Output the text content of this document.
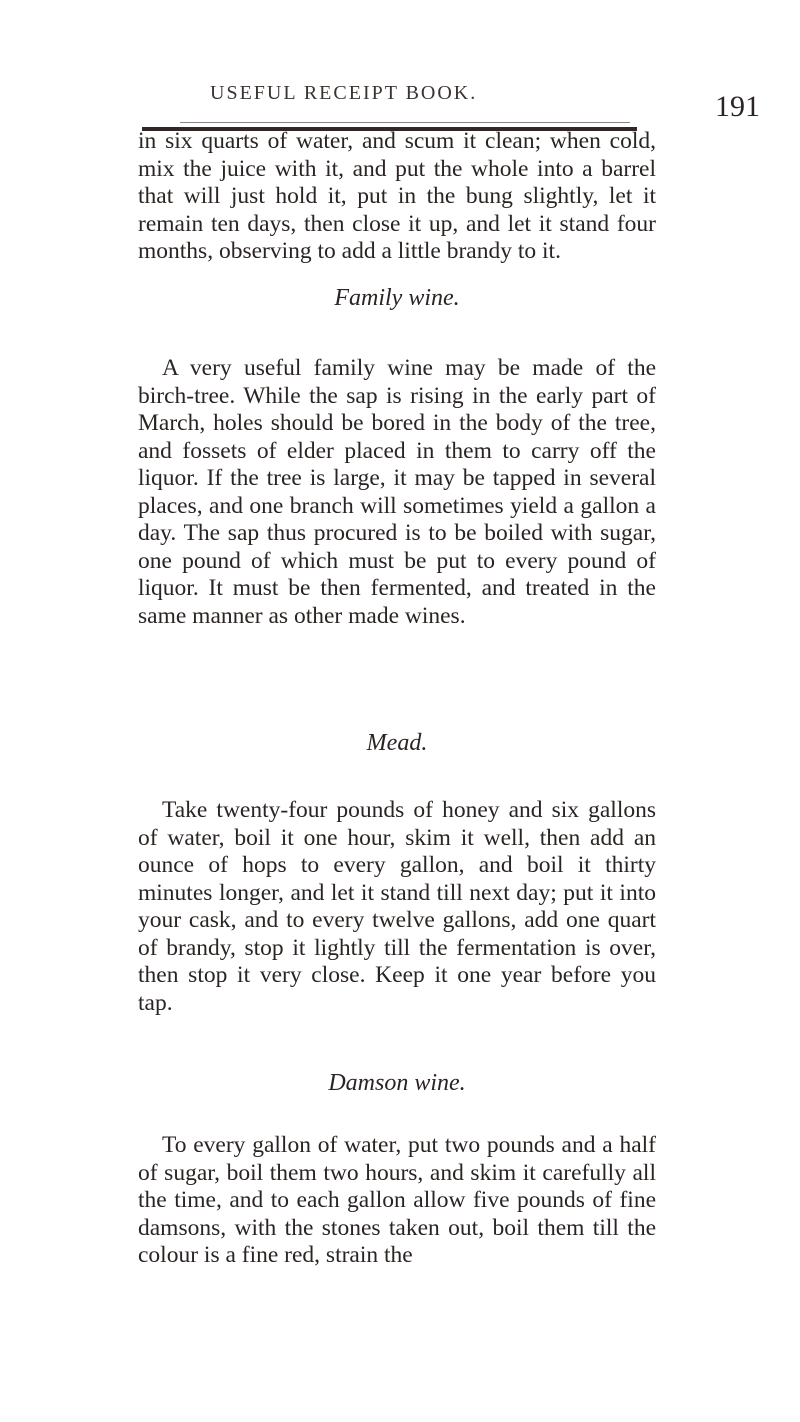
USEFUL RECEIPT BOOK.	191

in six quarts of water, and scum it clean; when cold, mix the juice with it, and put the whole into a barrel that will just hold it, put in the bung slightly, let it remain ten days, then close it up, and let it stand four months, observing to add a little brandy to it.

Family wine.

A very useful family wine may be made of the birch-tree. While the sap is rising in the early part of March, holes should be bored in the body of the tree, and fossets of elder placed in them to carry off the liquor. If the tree is large, it may be tapped in several places, and one branch will sometimes yield a gallon a day. The sap thus procured is to be boiled with sugar, one pound of which must be put to every pound of liquor. It must be then fermented, and treated in the same manner as other made wines.

Mead.

Take twenty-four pounds of honey and six gallons of water, boil it one hour, skim it well, then add an ounce of hops to every gallon, and boil it thirty minutes longer, and let it stand till next day; put it into your cask, and to every twelve gallons, add one quart of brandy, stop it lightly till the fermentation is over, then stop it very close. Keep it one year before you tap.

Damson wine.

To every gallon of water, put two pounds and a half of sugar, boil them two hours, and skim it carefully all the time, and to each gallon allow five pounds of fine damsons, with the stones taken out, boil them till the colour is a fine red, strain the
